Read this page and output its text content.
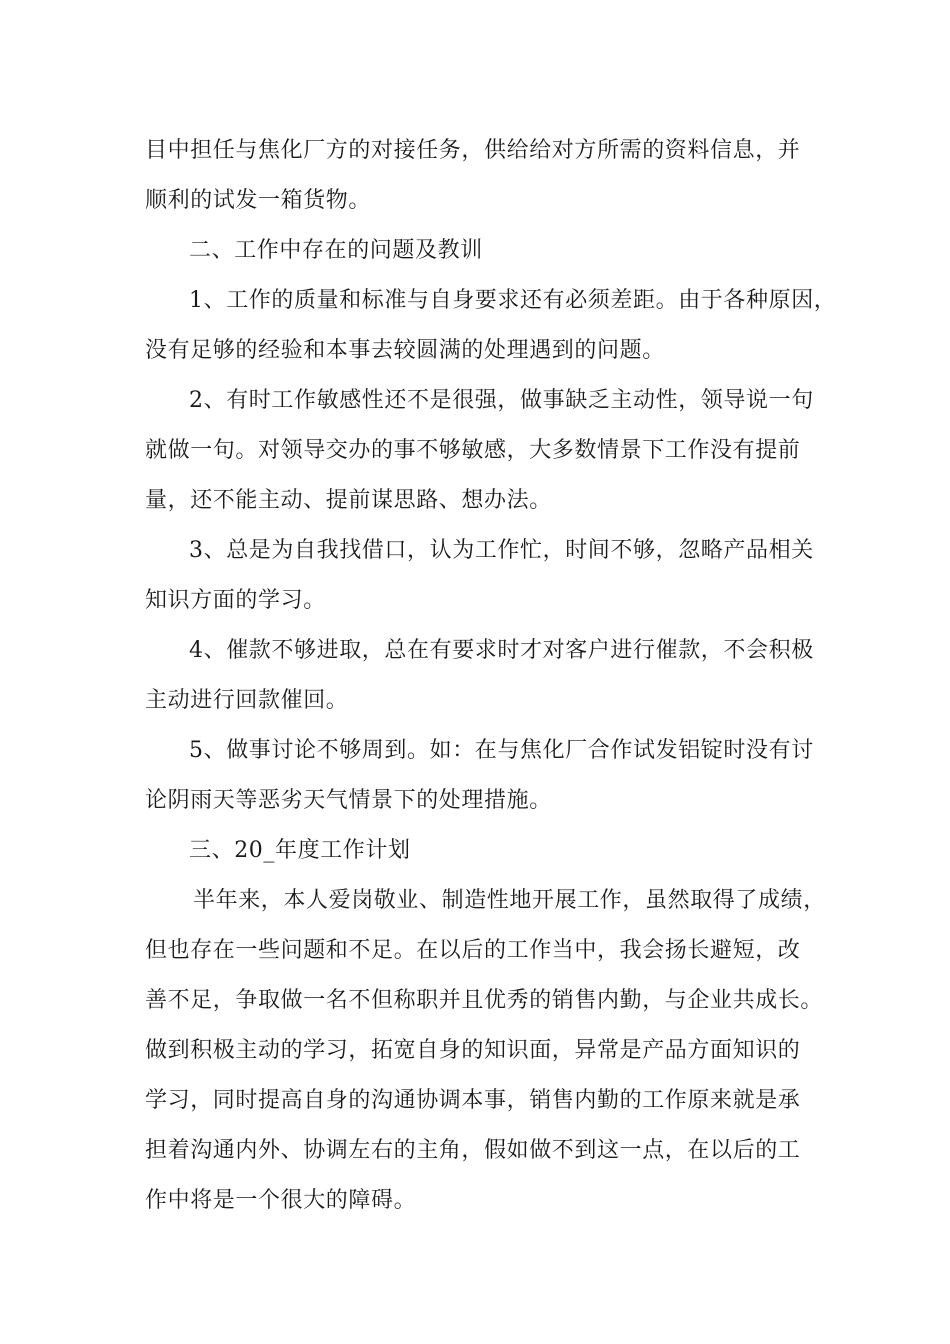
目中担任与焦化厂方的对接任务，供给给对方所需的资料信息，并

顺利的试发一箱货物。

二、工作中存在的问题及教训

1、工作的质量和标准与自身要求还有必须差距。由于各种原因，

没有足够的经验和本事去较圆满的处理遇到的问题。

2、有时工作敏感性还不是很强，做事缺乏主动性，领导说一句

就做一句。对领导交办的事不够敏感，大多数情景下工作没有提前

量，还不能主动、提前谋思路、想办法。

3、总是为自我找借口，认为工作忙，时间不够，忽略产品相关

知识方面的学习。

4、催款不够进取，总在有要求时才对客户进行催款，不会积极

主动进行回款催回。

5、做事讨论不够周到。如：在与焦化厂合作试发铝锭时没有讨

论阴雨天等恶劣天气情景下的处理措施。

三、20_年度工作计划

半年来，本人爱岗敬业、制造性地开展工作，虽然取得了成绩，

但也存在一些问题和不足。在以后的工作当中，我会扬长避短，改

善不足，争取做一名不但称职并且优秀的销售内勤，与企业共成长。

做到积极主动的学习，拓宽自身的知识面，异常是产品方面知识的

学习，同时提高自身的沟通协调本事，销售内勤的工作原来就是承

担着沟通内外、协调左右的主角，假如做不到这一点，在以后的工

作中将是一个很大的障碍。
